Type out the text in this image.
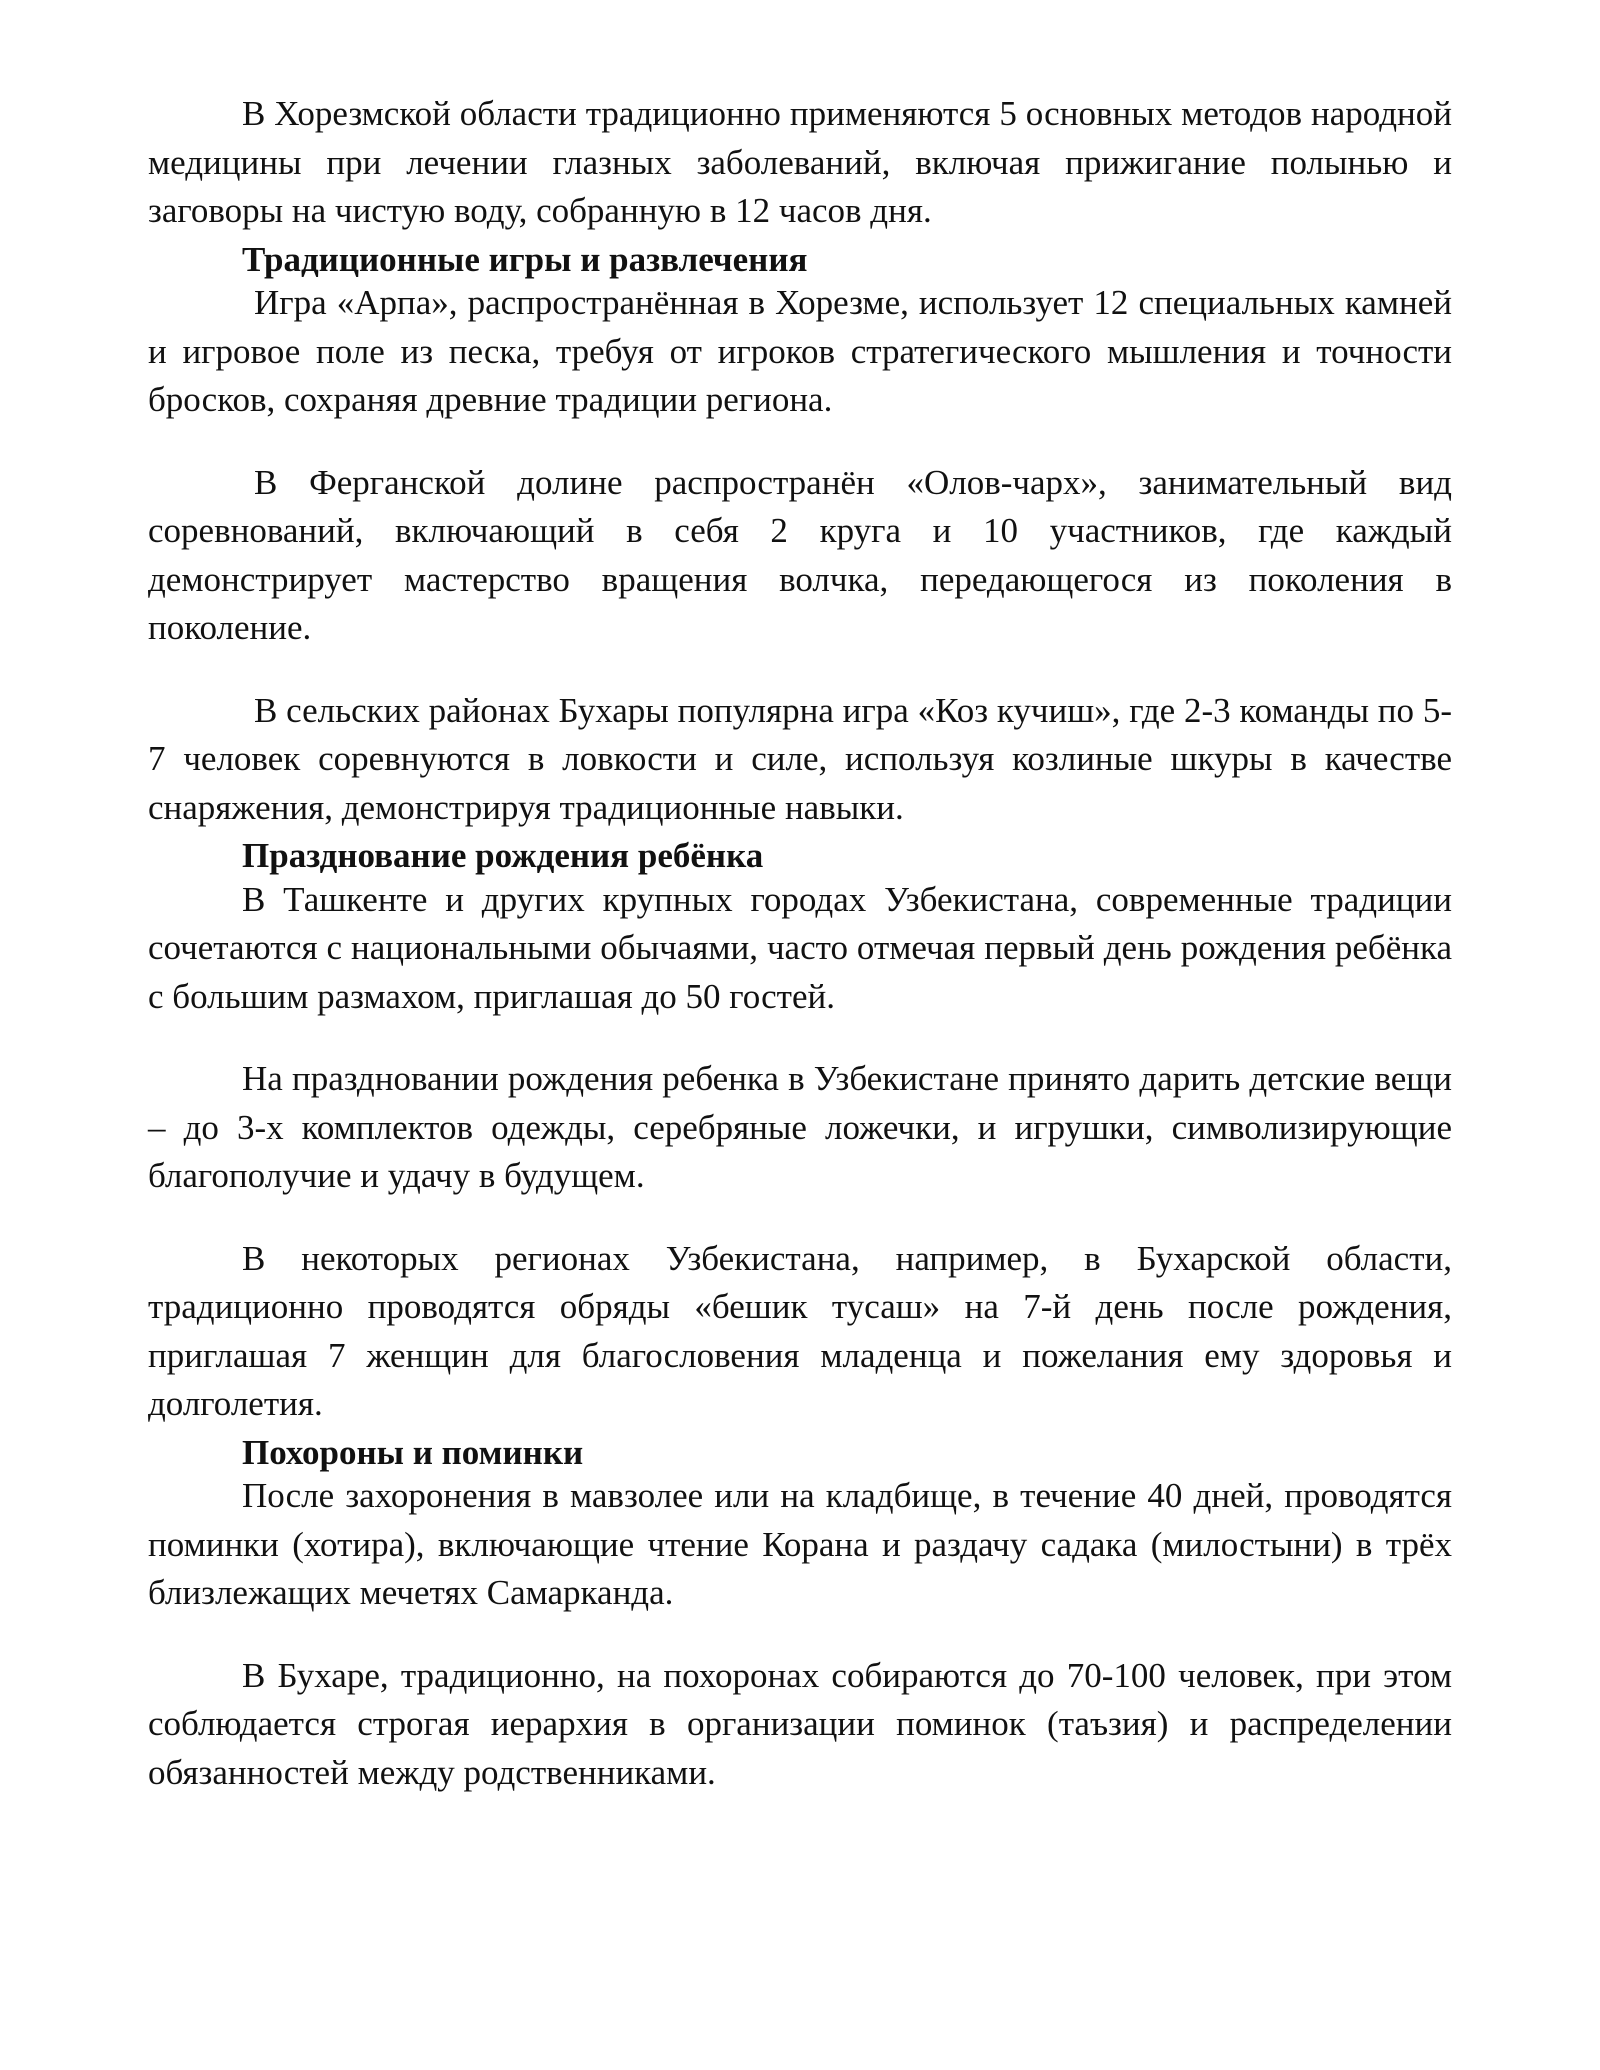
В Хорезмской области традиционно применяются 5 основных методов народной медицины при лечении глазных заболеваний, включая прижигание полынью и заговоры на чистую воду, собранную в 12 часов дня.

Традиционные игры и развлечения

Игра «Арпа», распространённая в Хорезме, использует 12 специальных камней и игровое поле из песка, требуя от игроков стратегического мышления и точности бросков, сохраняя древние традиции региона.

В Ферганской долине распространён «Олов-чарх», занимательный вид соревнований, включающий в себя 2 круга и 10 участников, где каждый демонстрирует мастерство вращения волчка, передающегося из поколения в поколение.

В сельских районах Бухары популярна игра «Коз кучиш», где 2-3 команды по 5-7 человек соревнуются в ловкости и силе, используя козлиные шкуры в качестве снаряжения, демонстрируя традиционные навыки.

Празднование рождения ребёнка

В Ташкенте и других крупных городах Узбекистана, современные традиции сочетаются с национальными обычаями, часто отмечая первый день рождения ребёнка с большим размахом, приглашая до 50 гостей.

На праздновании рождения ребенка в Узбекистане принято дарить детские вещи – до 3-х комплектов одежды, серебряные ложечки, и игрушки, символизирующие благополучие и удачу в будущем.

В некоторых регионах Узбекистана, например, в Бухарской области, традиционно проводятся обряды «бешик тусаш» на 7-й день после рождения, приглашая 7 женщин для благословения младенца и пожелания ему здоровья и долголетия.

Похороны и поминки

После захоронения в мавзолее или на кладбище, в течение 40 дней, проводятся поминки (хотира), включающие чтение Корана и раздачу садака (милостыни) в трёх близлежащих мечетях Самарканда.

В Бухаре, традиционно, на похоронах собираются до 70-100 человек, при этом соблюдается строгая иерархия в организации поминок (таъзия) и распределении обязанностей между родственниками.
